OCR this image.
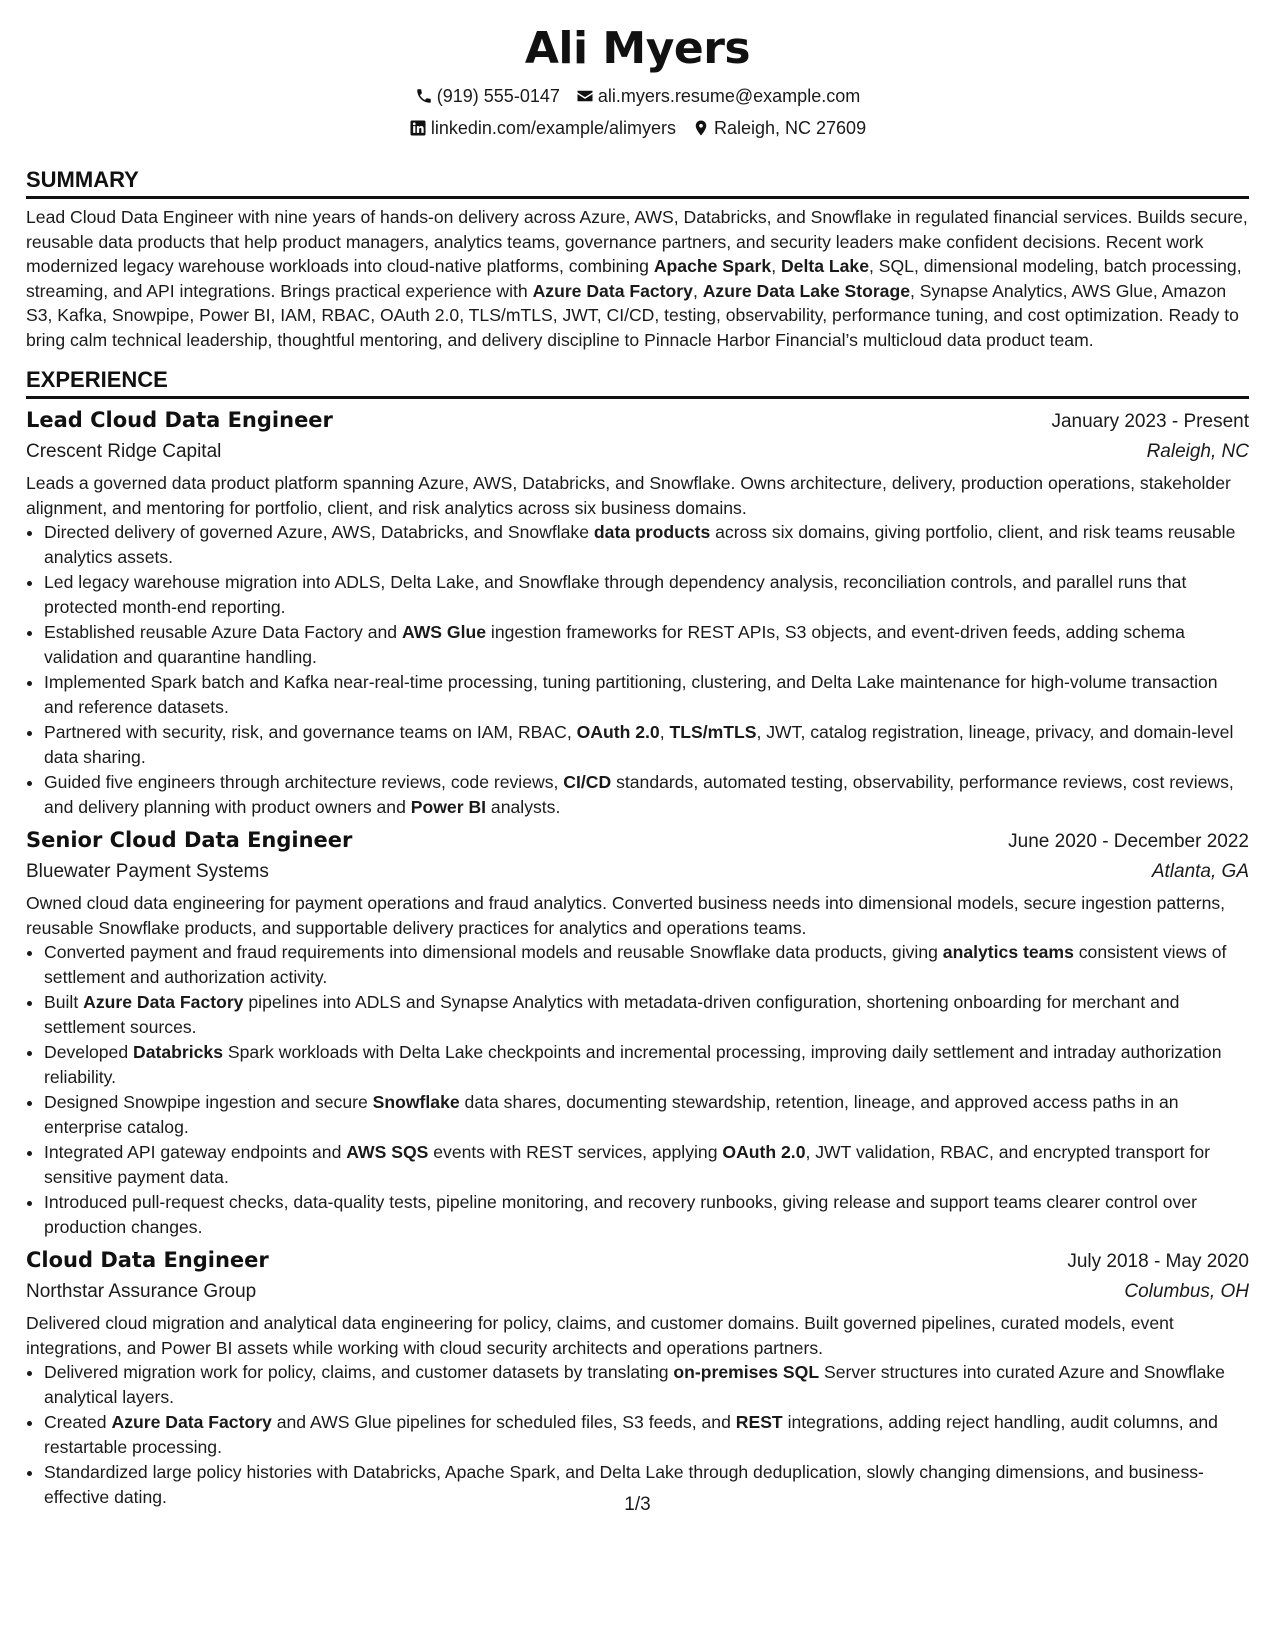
Ali Myers
(919) 555-0147 ali.myers.resume@example.com
linkedin.com/example/alimyers Raleigh, NC 27609
SUMMARY
Lead Cloud Data Engineer with nine years of hands-on delivery across Azure, AWS, Databricks, and Snowflake in regulated financial services. Builds secure, reusable data products that help product managers, analytics teams, governance partners, and security leaders make confident decisions. Recent work modernized legacy warehouse workloads into cloud-native platforms, combining Apache Spark, Delta Lake, SQL, dimensional modeling, batch processing, streaming, and API integrations. Brings practical experience with Azure Data Factory, Azure Data Lake Storage, Synapse Analytics, AWS Glue, Amazon S3, Kafka, Snowpipe, Power BI, IAM, RBAC, OAuth 2.0, TLS/mTLS, JWT, CI/CD, testing, observability, performance tuning, and cost optimization. Ready to bring calm technical leadership, thoughtful mentoring, and delivery discipline to Pinnacle Harbor Financial’s multicloud data product team.
EXPERIENCE
Lead Cloud Data Engineer	January 2023 - Present
Crescent Ridge Capital	Raleigh, NC
Leads a governed data product platform spanning Azure, AWS, Databricks, and Snowflake. Owns architecture, delivery, production operations, stakeholder alignment, and mentoring for portfolio, client, and risk analytics across six business domains.
• Directed delivery of governed Azure, AWS, Databricks, and Snowflake data products across six domains, giving portfolio, client, and risk teams reusable analytics assets.
• Led legacy warehouse migration into ADLS, Delta Lake, and Snowflake through dependency analysis, reconciliation controls, and parallel runs that protected month-end reporting.
• Established reusable Azure Data Factory and AWS Glue ingestion frameworks for REST APIs, S3 objects, and event-driven feeds, adding schema validation and quarantine handling.
• Implemented Spark batch and Kafka near-real-time processing, tuning partitioning, clustering, and Delta Lake maintenance for high-volume transaction and reference datasets.
• Partnered with security, risk, and governance teams on IAM, RBAC, OAuth 2.0, TLS/mTLS, JWT, catalog registration, lineage, privacy, and domain-level data sharing.
• Guided five engineers through architecture reviews, code reviews, CI/CD standards, automated testing, observability, performance reviews, cost reviews, and delivery planning with product owners and Power BI analysts.
Senior Cloud Data Engineer	June 2020 - December 2022
Bluewater Payment Systems	Atlanta, GA
Owned cloud data engineering for payment operations and fraud analytics. Converted business needs into dimensional models, secure ingestion patterns, reusable Snowflake products, and supportable delivery practices for analytics and operations teams.
• Converted payment and fraud requirements into dimensional models and reusable Snowflake data products, giving analytics teams consistent views of settlement and authorization activity.
• Built Azure Data Factory pipelines into ADLS and Synapse Analytics with metadata-driven configuration, shortening onboarding for merchant and settlement sources.
• Developed Databricks Spark workloads with Delta Lake checkpoints and incremental processing, improving daily settlement and intraday authorization reliability.
• Designed Snowpipe ingestion and secure Snowflake data shares, documenting stewardship, retention, lineage, and approved access paths in an enterprise catalog.
• Integrated API gateway endpoints and AWS SQS events with REST services, applying OAuth 2.0, JWT validation, RBAC, and encrypted transport for sensitive payment data.
• Introduced pull-request checks, data-quality tests, pipeline monitoring, and recovery runbooks, giving release and support teams clearer control over production changes.
Cloud Data Engineer	July 2018 - May 2020
Northstar Assurance Group	Columbus, OH
Delivered cloud migration and analytical data engineering for policy, claims, and customer domains. Built governed pipelines, curated models, event integrations, and Power BI assets while working with cloud security architects and operations partners.
• Delivered migration work for policy, claims, and customer datasets by translating on-premises SQL Server structures into curated Azure and Snowflake analytical layers.
• Created Azure Data Factory and AWS Glue pipelines for scheduled files, S3 feeds, and REST integrations, adding reject handling, audit columns, and restartable processing.
• Standardized large policy histories with Databricks, Apache Spark, and Delta Lake through deduplication, slowly changing dimensions, and business-effective dating.	1/3
